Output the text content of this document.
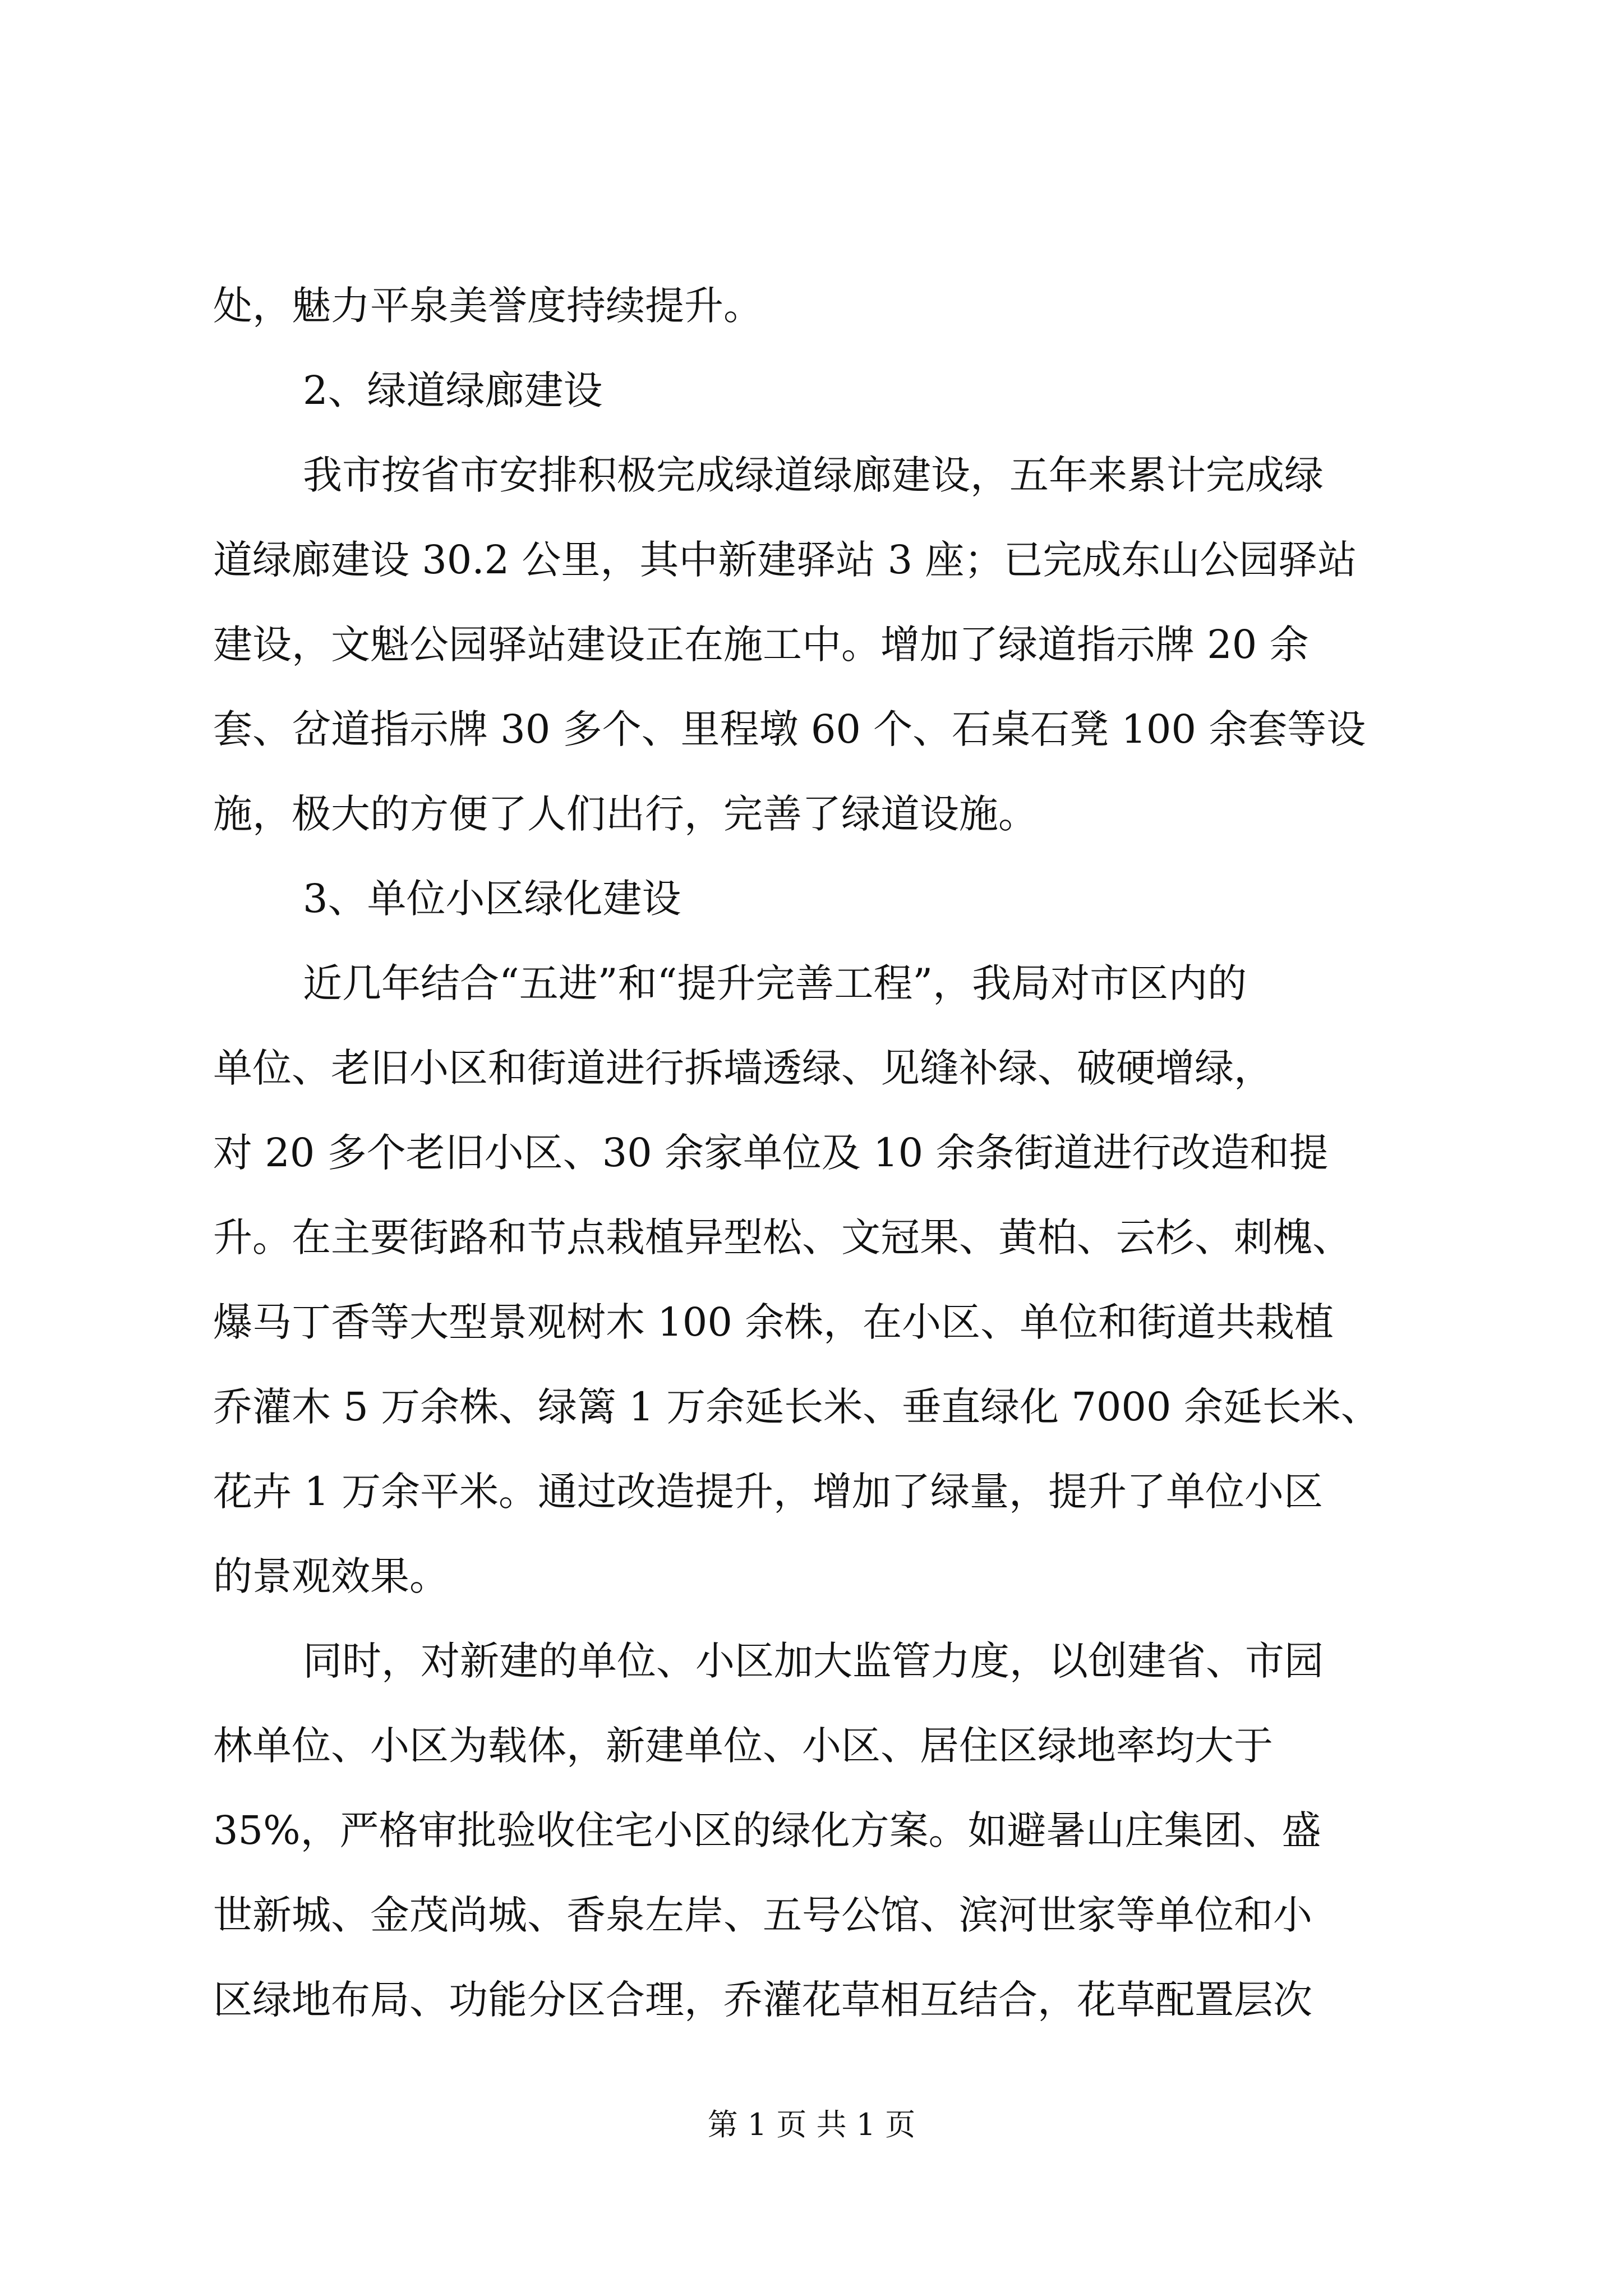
处，魅力平泉美誉度持续提升。
2、绿道绿廊建设
我市按省市安排积极完成绿道绿廊建设，五年来累计完成绿
道绿廊建设 30.2 公里，其中新建驿站 3 座；已完成东山公园驿站
建设，文魁公园驿站建设正在施工中。增加了绿道指示牌 20 余
套、岔道指示牌 30 多个、里程墩 60 个、石桌石凳 100 余套等设
施，极大的方便了人们出行，完善了绿道设施。
3、单位小区绿化建设
近几年结合“五进”和“提升完善工程”，我局对市区内的
单位、老旧小区和街道进行拆墙透绿、见缝补绿、破硬增绿，
对 20 多个老旧小区、30 余家单位及 10 余条街道进行改造和提
升。在主要街路和节点栽植异型松、文冠果、黄柏、云杉、刺槐、
爆马丁香等大型景观树木 100 余株，在小区、单位和街道共栽植
乔灌木 5 万余株、绿篱 1 万余延长米、垂直绿化 7000 余延长米、
花卉 1 万余平米。通过改造提升，增加了绿量，提升了单位小区
的景观效果。
同时，对新建的单位、小区加大监管力度，以创建省、市园
林单位、小区为载体，新建单位、小区、居住区绿地率均大于
35%，严格审批验收住宅小区的绿化方案。如避暑山庄集团、盛
世新城、金茂尚城、香泉左岸、五号公馆、滨河世家等单位和小
区绿地布局、功能分区合理，乔灌花草相互结合，花草配置层次
第 1 页 共 1 页
